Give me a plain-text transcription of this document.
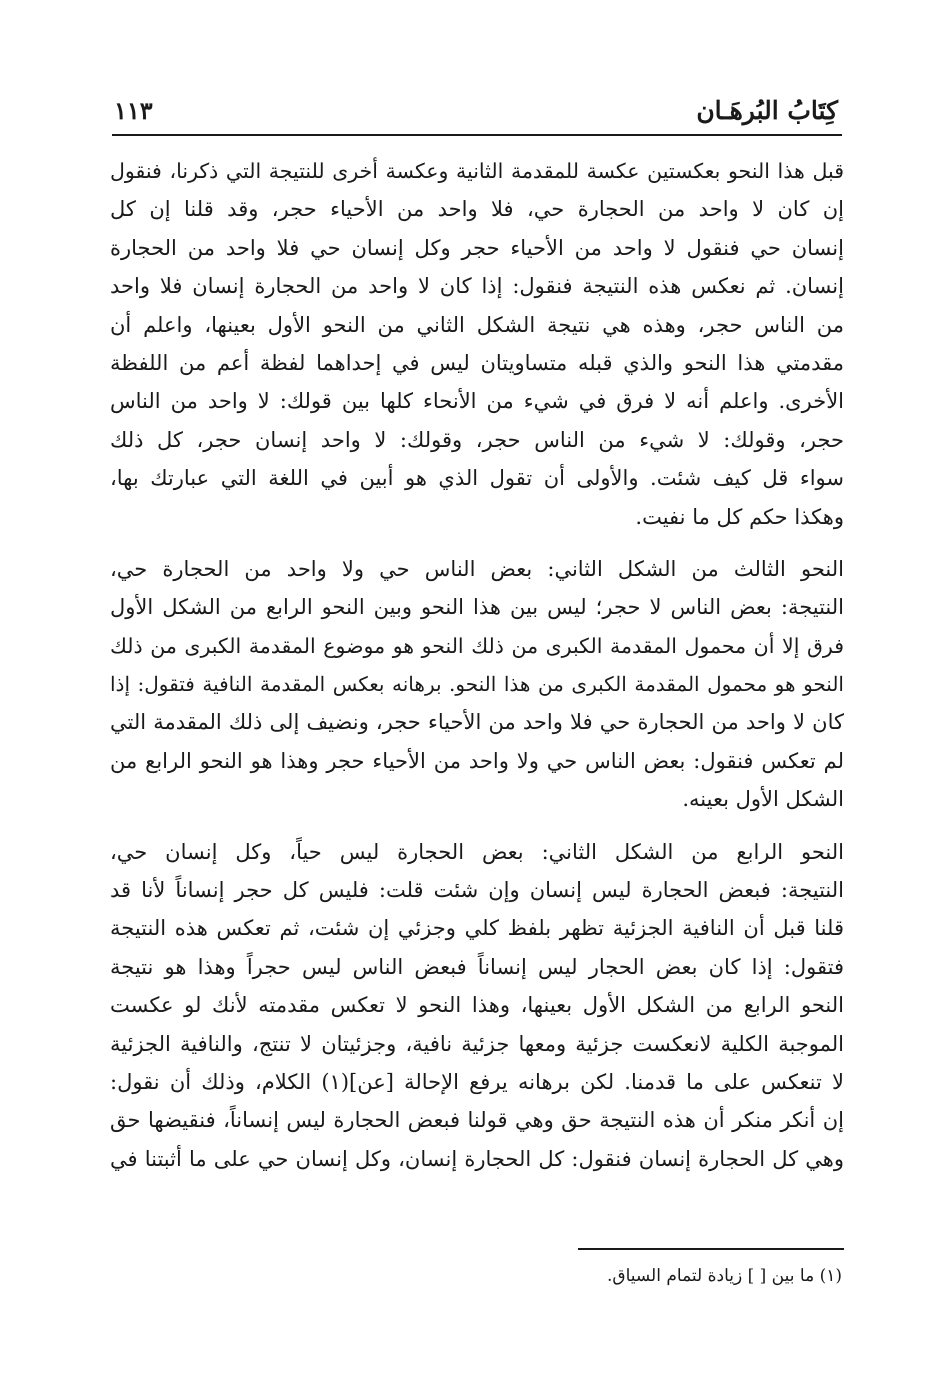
كِتَابُ البُرهَـان
١١٣
قبل هذا النحو بعكستين عكسة للمقدمة الثانية وعكسة أخرى للنتيجة التي ذكرنا، فنقول
إن كان لا واحد من الحجارة حي، فلا واحد من الأحياء حجر، وقد قلنا إن كل
إنسان حي فنقول لا واحد من الأحياء حجر وكل إنسان حي فلا واحد من الحجارة
إنسان. ثم نعكس هذه النتيجة فنقول: إذا كان لا واحد من الحجارة إنسان فلا واحد
من الناس حجر، وهذه هي نتيجة الشكل الثاني من النحو الأول بعينها، واعلم أن
مقدمتي هذا النحو والذي قبله متساويتان ليس في إحداهما لفظة أعم من اللفظة
الأخرى. واعلم أنه لا فرق في شيء من الأنحاء كلها بين قولك: لا واحد من الناس
حجر، وقولك: لا شيء من الناس حجر، وقولك: لا واحد إنسان حجر، كل ذلك
سواء قل كيف شئت. والأولى أن تقول الذي هو أبين في اللغة التي عبارتك بها،
وهكذا حكم كل ما نفيت.
النحو الثالث من الشكل الثاني: بعض الناس حي ولا واحد من الحجارة حي،
النتيجة: بعض الناس لا حجر؛ ليس بين هذا النحو وبين النحو الرابع من الشكل الأول
فرق إلا أن محمول المقدمة الكبرى من ذلك النحو هو موضوع المقدمة الكبرى من ذلك
النحو هو محمول المقدمة الكبرى من هذا النحو. برهانه بعكس المقدمة النافية فتقول: إذا
كان لا واحد من الحجارة حي فلا واحد من الأحياء حجر، ونضيف إلى ذلك المقدمة التي
لم تعكس فنقول: بعض الناس حي ولا واحد من الأحياء حجر وهذا هو النحو الرابع من
الشكل الأول بعينه.
النحو الرابع من الشكل الثاني: بعض الحجارة ليس حياً، وكل إنسان حي،
النتيجة: فبعض الحجارة ليس إنسان وإن شئت قلت: فليس كل حجر إنساناً لأنا قد
قلنا قبل أن النافية الجزئية تظهر بلفظ كلي وجزئي إن شئت، ثم تعكس هذه النتيجة
فتقول: إذا كان بعض الحجار ليس إنساناً فبعض الناس ليس حجراً وهذا هو نتيجة
النحو الرابع من الشكل الأول بعينها، وهذا النحو لا تعكس مقدمته لأنك لو عكست
الموجبة الكلية لانعكست جزئية ومعها جزئية نافية، وجزئيتان لا تنتج، والنافية الجزئية
لا تنعكس على ما قدمنا. لكن برهانه يرفع الإحالة [عن](١) الكلام، وذلك أن نقول:
إن أنكر منكر أن هذه النتيجة حق وهي قولنا فبعض الحجارة ليس إنساناً، فنقيضها حق
وهي كل الحجارة إنسان فنقول: كل الحجارة إنسان، وكل إنسان حي على ما أثبتنا في
(١) ما بين [ ] زيادة لتمام السياق.
